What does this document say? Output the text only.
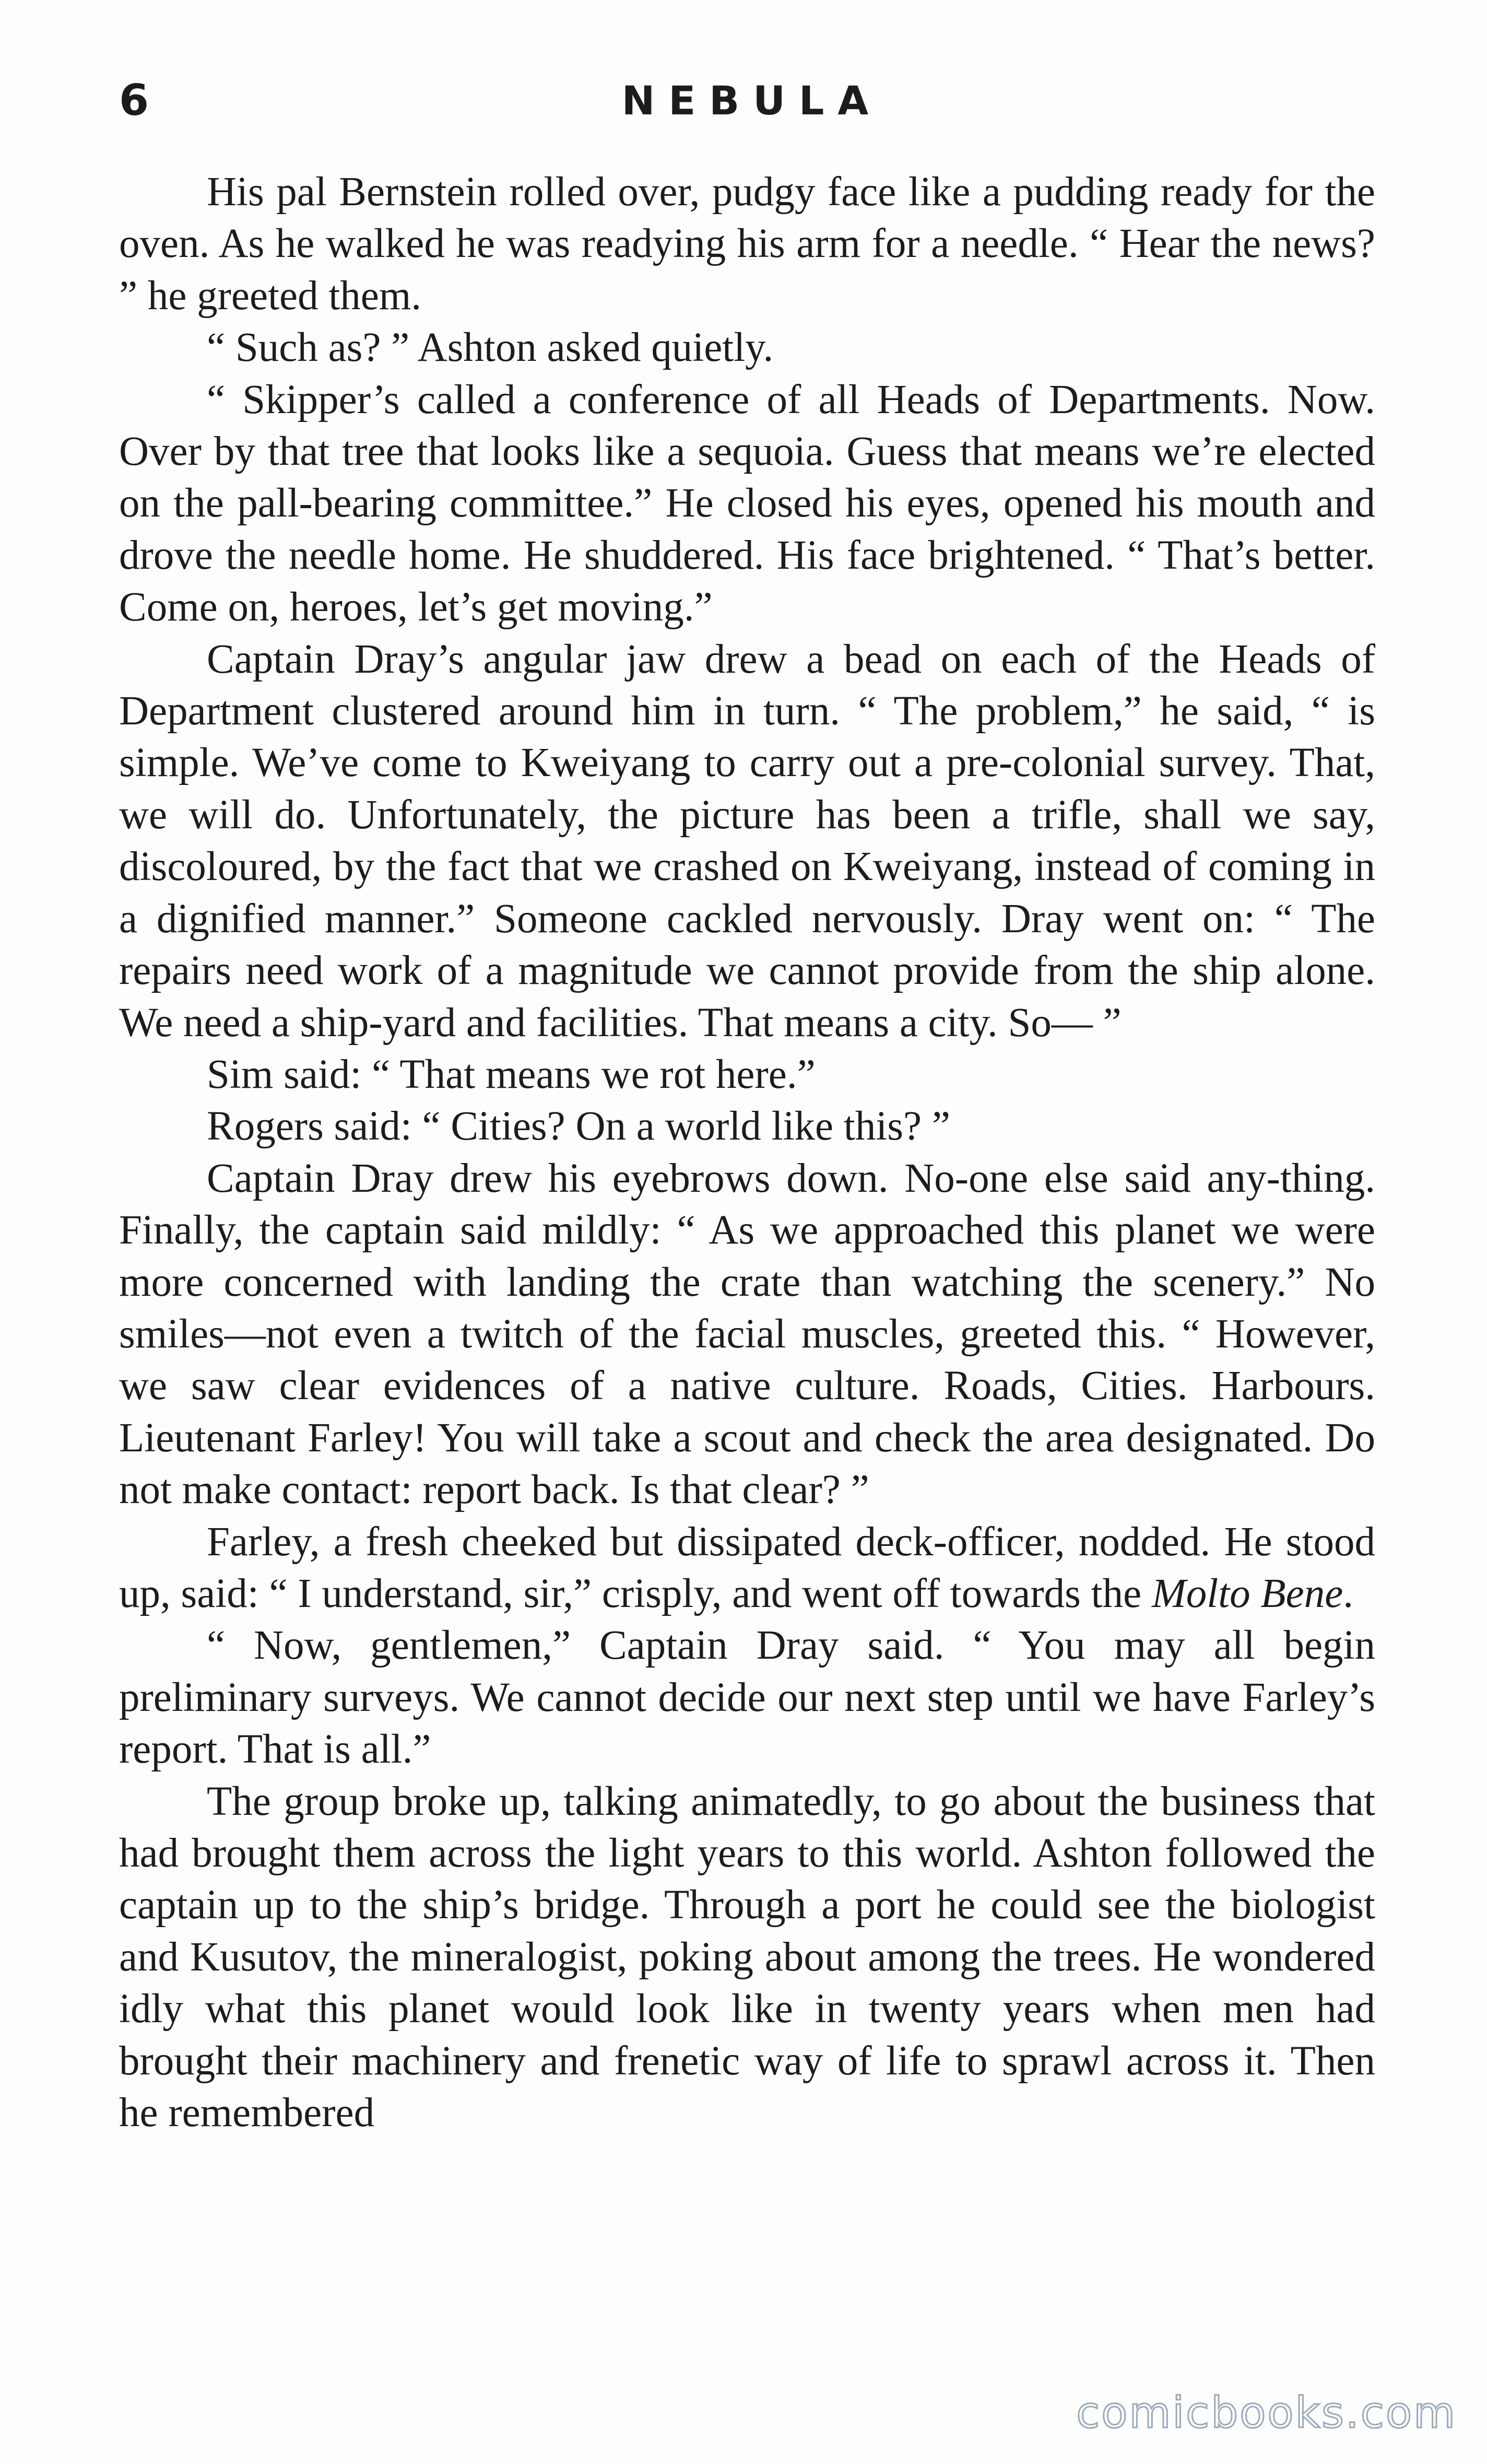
6	NEBULA

His pal Bernstein rolled over, pudgy face like a pudding ready for the oven. As he walked he was readying his arm for a needle. “ Hear the news? ” he greeted them.

“ Such as? ” Ashton asked quietly.

“ Skipper’s called a conference of all Heads of Departments. Now. Over by that tree that looks like a sequoia. Guess that means we’re elected on the pall-bearing committee.” He closed his eyes, opened his mouth and drove the needle home. He shuddered. His face brightened. “ That’s better. Come on, heroes, let’s get moving.”

Captain Dray’s angular jaw drew a bead on each of the Heads of Department clustered around him in turn. “ The problem,” he said, “ is simple. We’ve come to Kweiyang to carry out a pre-colonial survey. That, we will do. Unfortunately, the picture has been a trifle, shall we say, discoloured, by the fact that we crashed on Kweiyang, instead of coming in a dignified manner.” Someone cackled nervously. Dray went on: “ The repairs need work of a magnitude we cannot provide from the ship alone. We need a ship-yard and facilities. That means a city. So— ”

Sim said: “ That means we rot here.”

Rogers said: “ Cities? On a world like this? ”

Captain Dray drew his eyebrows down. No-one else said any-thing. Finally, the captain said mildly: “ As we approached this planet we were more concerned with landing the crate than watching the scenery.” No smiles—not even a twitch of the facial muscles, greeted this. “ However, we saw clear evidences of a native culture. Roads, Cities. Harbours. Lieutenant Farley! You will take a scout and check the area designated. Do not make contact: report back. Is that clear? ”

Farley, a fresh cheeked but dissipated deck-officer, nodded. He stood up, said: “ I understand, sir,” crisply, and went off towards the Molto Bene.

“ Now, gentlemen,” Captain Dray said. “ You may all begin preliminary surveys. We cannot decide our next step until we have Farley’s report. That is all.”

The group broke up, talking animatedly, to go about the business that had brought them across the light years to this world. Ashton followed the captain up to the ship’s bridge. Through a port he could see the biologist and Kusutov, the mineralogist, poking about among the trees. He wondered idly what this planet would look like in twenty years when men had brought their machinery and frenetic way of life to sprawl across it. Then he remembered

comicbooks.com
